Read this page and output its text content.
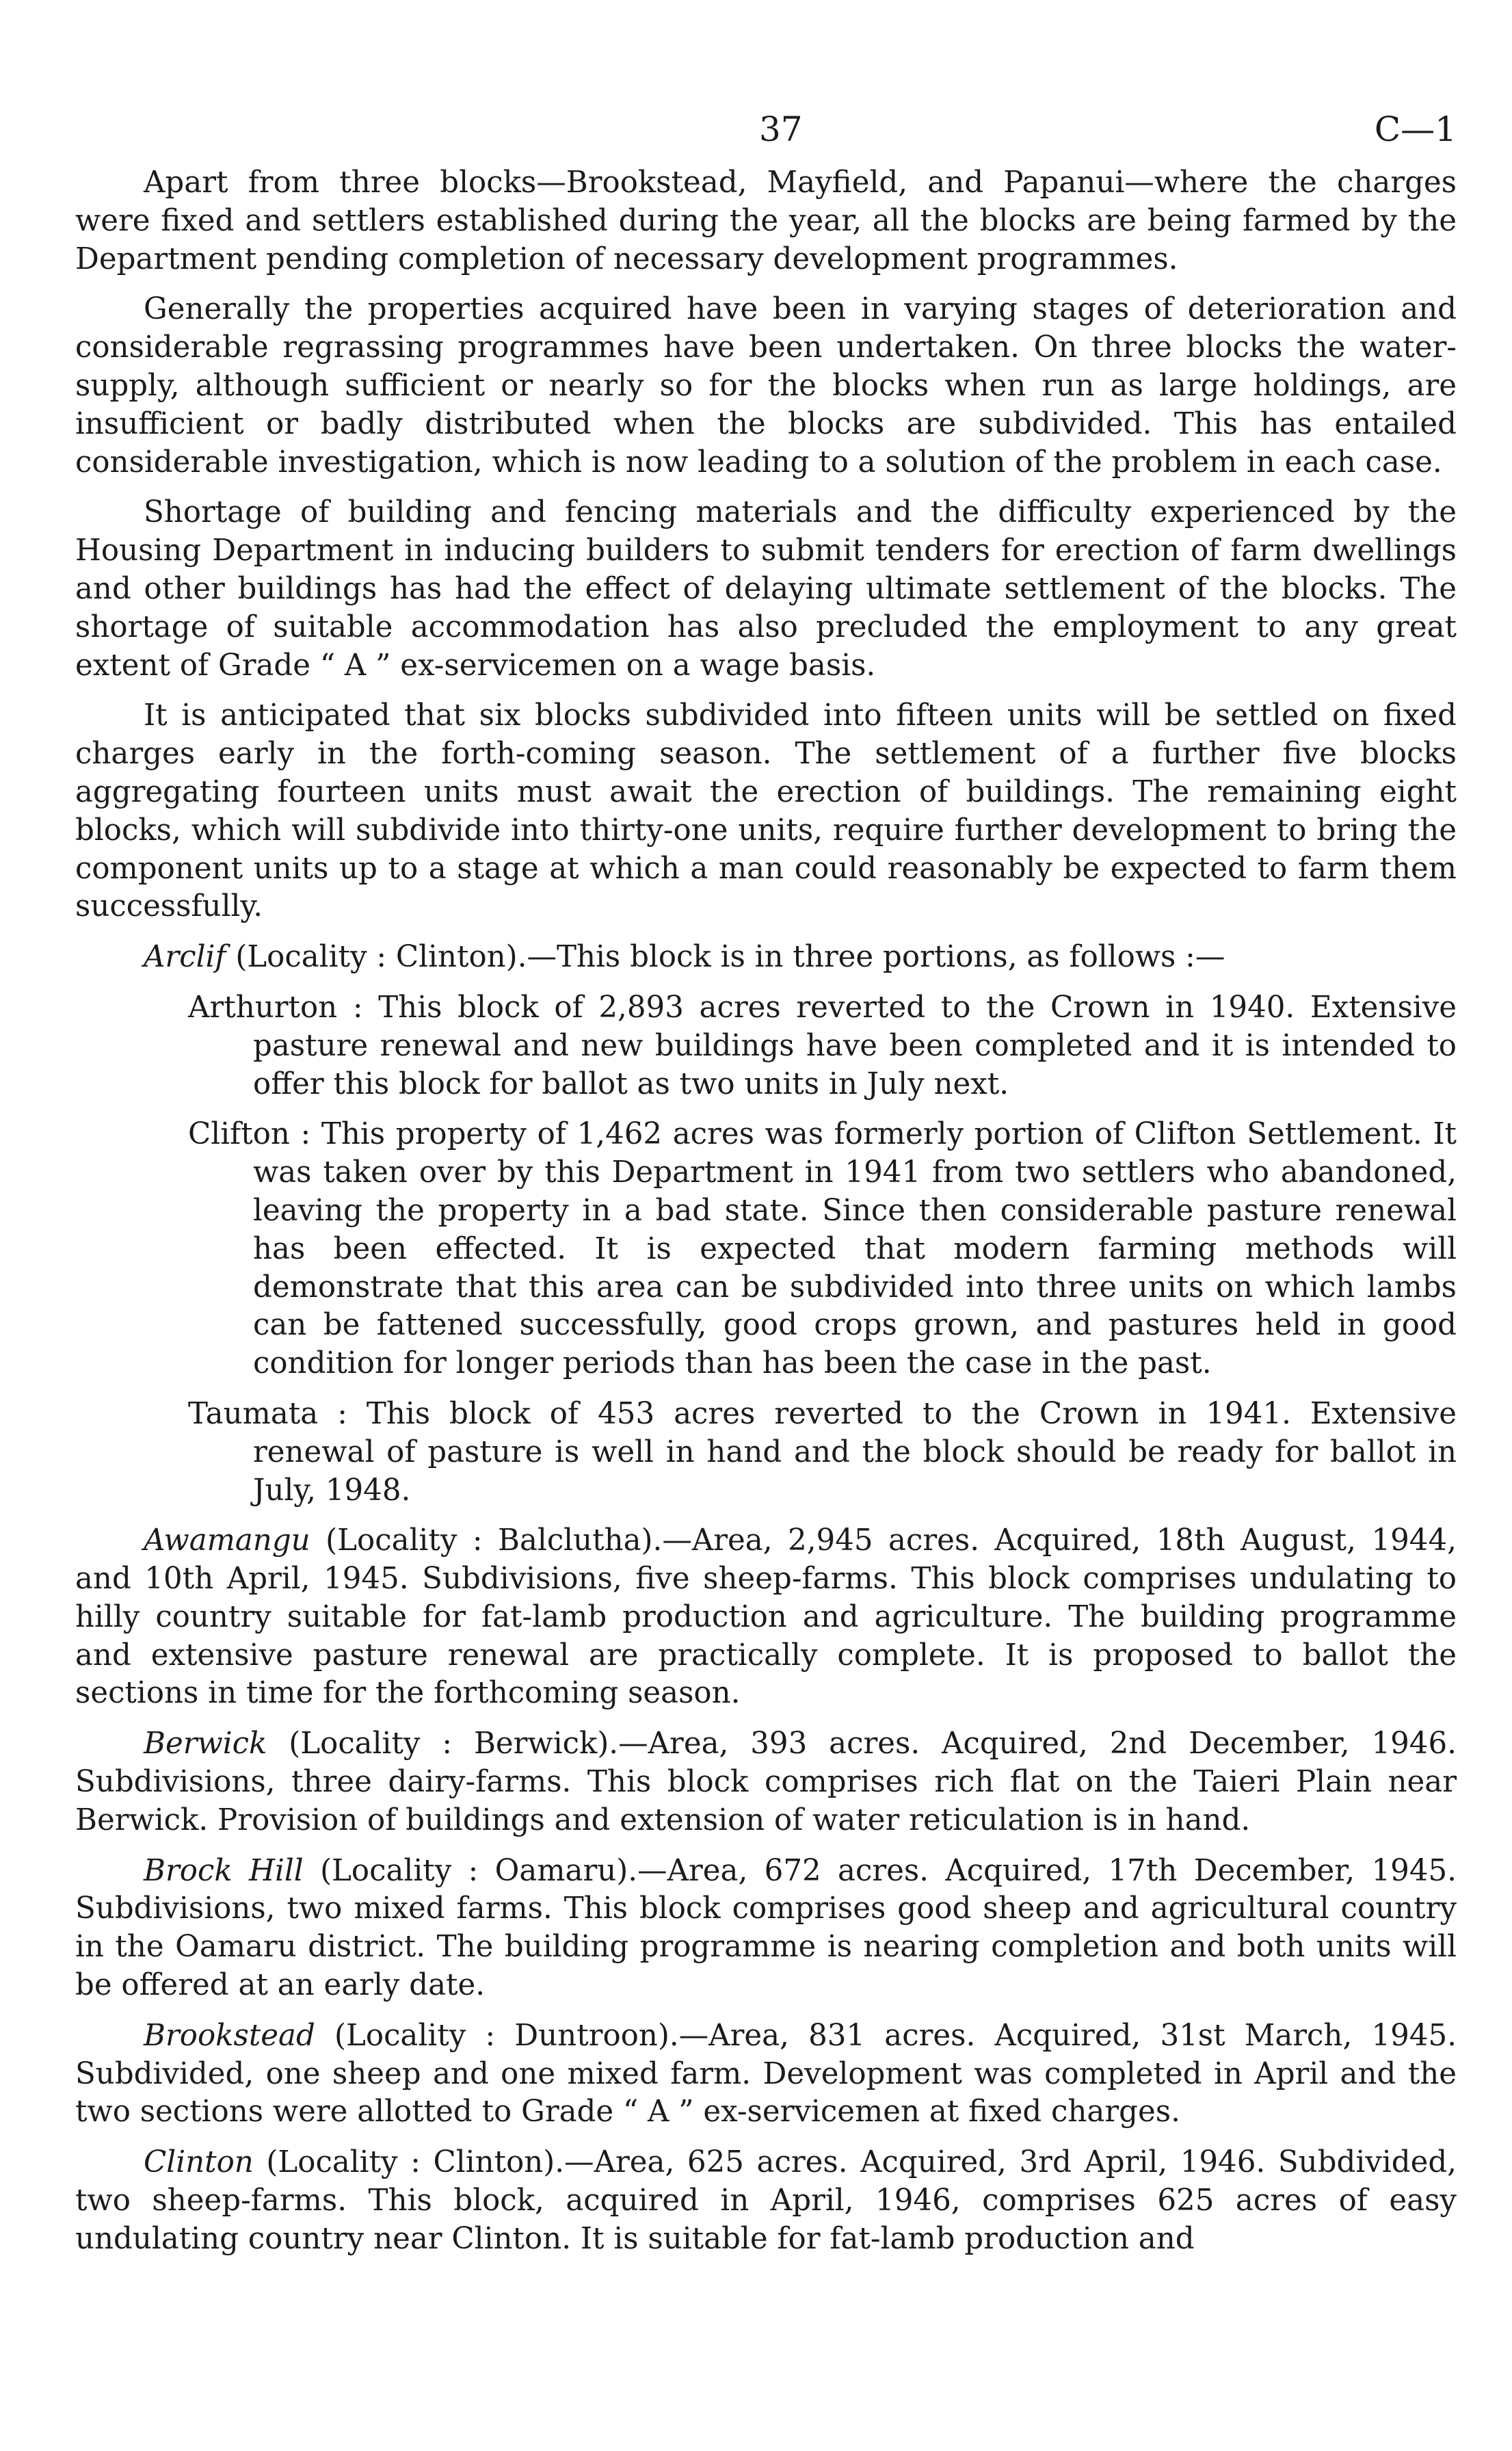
37	C—1

Apart from three blocks—Brookstead, Mayfield, and Papanui—where the charges were fixed and settlers established during the year, all the blocks are being farmed by the Department pending completion of necessary development programmes.

Generally the properties acquired have been in varying stages of deterioration and considerable regrassing programmes have been undertaken. On three blocks the water-supply, although sufficient or nearly so for the blocks when run as large holdings, are insufficient or badly distributed when the blocks are subdivided. This has entailed considerable investigation, which is now leading to a solution of the problem in each case.

Shortage of building and fencing materials and the difficulty experienced by the Housing Department in inducing builders to submit tenders for erection of farm dwellings and other buildings has had the effect of delaying ultimate settlement of the blocks. The shortage of suitable accommodation has also precluded the employment to any great extent of Grade “ A ” ex-servicemen on a wage basis.

It is anticipated that six blocks subdivided into fifteen units will be settled on fixed charges early in the forth-coming season. The settlement of a further five blocks aggregating fourteen units must await the erection of buildings. The remaining eight blocks, which will subdivide into thirty-one units, require further development to bring the component units up to a stage at which a man could reasonably be expected to farm them successfully.

Arclif (Locality : Clinton).—This block is in three portions, as follows :—

Arthurton : This block of 2,893 acres reverted to the Crown in 1940. Extensive pasture renewal and new buildings have been completed and it is intended to offer this block for ballot as two units in July next.

Clifton : This property of 1,462 acres was formerly portion of Clifton Settlement. It was taken over by this Department in 1941 from two settlers who abandoned, leaving the property in a bad state. Since then considerable pasture renewal has been effected. It is expected that modern farming methods will demonstrate that this area can be subdivided into three units on which lambs can be fattened successfully, good crops grown, and pastures held in good condition for longer periods than has been the case in the past.

Taumata : This block of 453 acres reverted to the Crown in 1941. Extensive renewal of pasture is well in hand and the block should be ready for ballot in July, 1948.

Awamangu (Locality : Balclutha).—Area, 2,945 acres. Acquired, 18th August, 1944, and 10th April, 1945. Subdivisions, five sheep-farms. This block comprises undulating to hilly country suitable for fat-lamb production and agriculture. The building programme and extensive pasture renewal are practically complete. It is proposed to ballot the sections in time for the forthcoming season.

Berwick (Locality : Berwick).—Area, 393 acres. Acquired, 2nd December, 1946. Subdivisions, three dairy-farms. This block comprises rich flat on the Taieri Plain near Berwick. Provision of buildings and extension of water reticulation is in hand.

Brock Hill (Locality : Oamaru).—Area, 672 acres. Acquired, 17th December, 1945. Subdivisions, two mixed farms. This block comprises good sheep and agricultural country in the Oamaru district. The building programme is nearing completion and both units will be offered at an early date.

Brookstead (Locality : Duntroon).—Area, 831 acres. Acquired, 31st March, 1945. Subdivided, one sheep and one mixed farm. Development was completed in April and the two sections were allotted to Grade “ A ” ex-servicemen at fixed charges.

Clinton (Locality : Clinton).—Area, 625 acres. Acquired, 3rd April, 1946. Subdivided, two sheep-farms. This block, acquired in April, 1946, comprises 625 acres of easy undulating country near Clinton. It is suitable for fat-lamb production and
